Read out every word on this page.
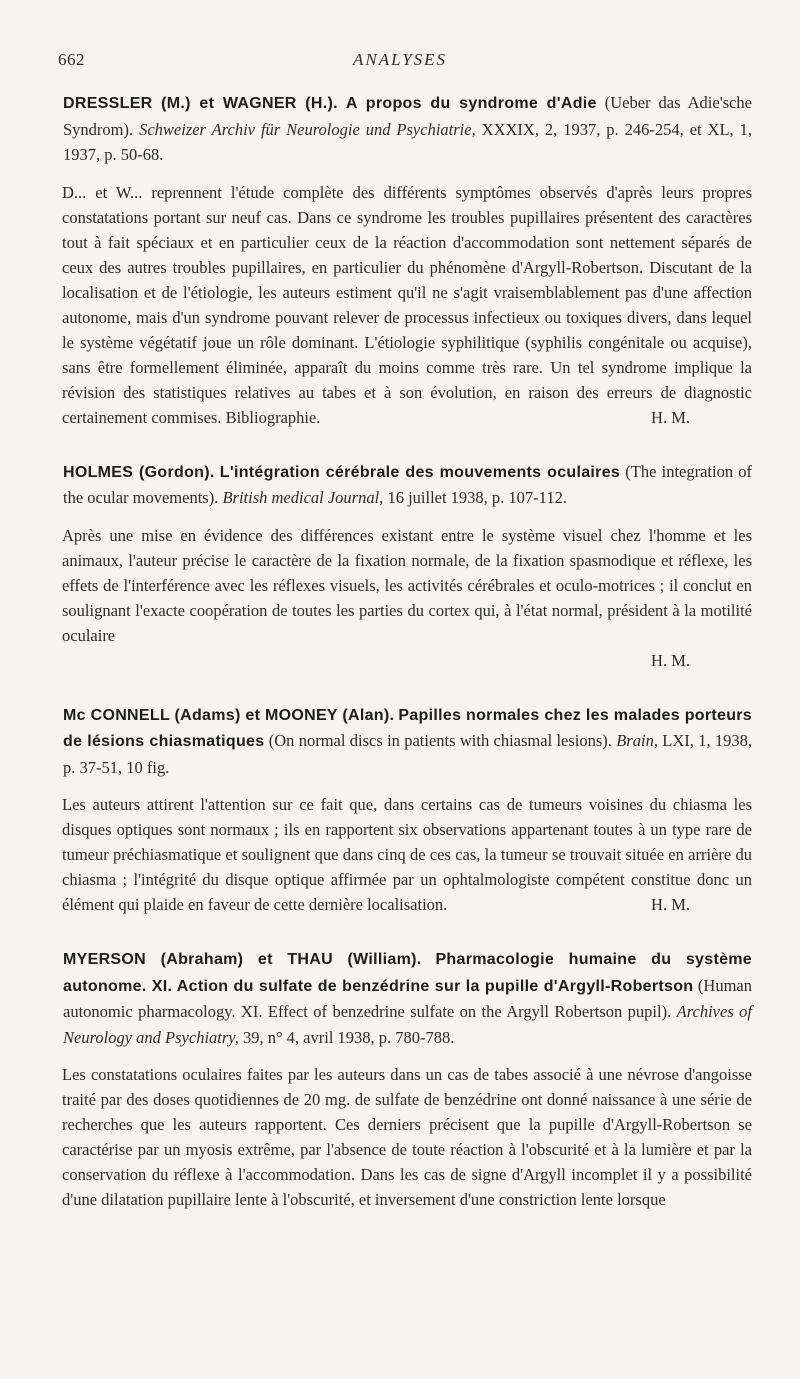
662	ANALYSES

DRESSLER (M.) et WAGNER (H.). A propos du syndrome d'Adie (Ueber das Adie'sche Syndrom). Schweizer Archiv für Neurologie und Psychiatrie, XXXIX, 2, 1937, p. 246-254, et XL, 1, 1937, p. 50-68.

D... et W... reprennent l'étude complète des différents symptômes observés d'après leurs propres constatations portant sur neuf cas. Dans ce syndrome les troubles pupillaires présentent des caractères tout à fait spéciaux et en particulier ceux de la réaction d'accommodation sont nettement séparés de ceux des autres troubles pupillaires, en particulier du phénomène d'Argyll-Robertson. Discutant de la localisation et de l'étiologie, les auteurs estiment qu'il ne s'agit vraisemblablement pas d'une affection autonome, mais d'un syndrome pouvant relever de processus infectieux ou toxiques divers, dans lequel le système végétatif joue un rôle dominant. L'étiologie syphilitique (syphilis congénitale ou acquise), sans être formellement éliminée, apparaît du moins comme très rare. Un tel syndrome implique la révision des statistiques relatives au tabes et à son évolution, en raison des erreurs de diagnostic certainement commises. Bibliographie.	H. M.

HOLMES (Gordon). L'intégration cérébrale des mouvements oculaires (The integration of the ocular movements). British medical Journal, 16 juillet 1938, p. 107-112.

Après une mise en évidence des différences existant entre le système visuel chez l'homme et les animaux, l'auteur précise le caractère de la fixation normale, de la fixation spasmodique et réflexe, les effets de l'interférence avec les réflexes visuels, les activités cérébrales et oculo-motrices ; il conclut en soulignant l'exacte coopération de toutes les parties du cortex qui, à l'état normal, président à la motilité oculaire

H. M.

Mc CONNELL (Adams) et MOONEY (Alan). Papilles normales chez les malades porteurs de lésions chiasmatiques (On normal discs in patients with chiasmal lesions). Brain, LXI, 1, 1938, p. 37-51, 10 fig.

Les auteurs attirent l'attention sur ce fait que, dans certains cas de tumeurs voisines du chiasma les disques optiques sont normaux ; ils en rapportent six observations appartenant toutes à un type rare de tumeur préchiasmatique et soulignent que dans cinq de ces cas, la tumeur se trouvait située en arrière du chiasma ; l'intégrité du disque optique affirmée par un ophtalmologiste compétent constitue donc un élément qui plaide en faveur de cette dernière localisation.	H. M.

MYERSON (Abraham) et THAU (William). Pharmacologie humaine du système autonome. XI. Action du sulfate de benzédrine sur la pupille d'Argyll-Robertson (Human autonomic pharmacology. XI. Effect of benzedrine sulfate on the Argyll Robertson pupil). Archives of Neurology and Psychiatry, 39, n° 4, avril 1938, p. 780-788.

Les constatations oculaires faites par les auteurs dans un cas de tabes associé à une névrose d'angoisse traité par des doses quotidiennes de 20 mg. de sulfate de benzédrine ont donné naissance à une série de recherches que les auteurs rapportent. Ces derniers précisent que la pupille d'Argyll-Robertson se caractérise par un myosis extrême, par l'absence de toute réaction à l'obscurité et à la lumière et par la conservation du réflexe à l'accommodation. Dans les cas de signe d'Argyll incomplet il y a possibilité d'une dilatation pupillaire lente à l'obscurité, et inversement d'une constriction lente lorsque
